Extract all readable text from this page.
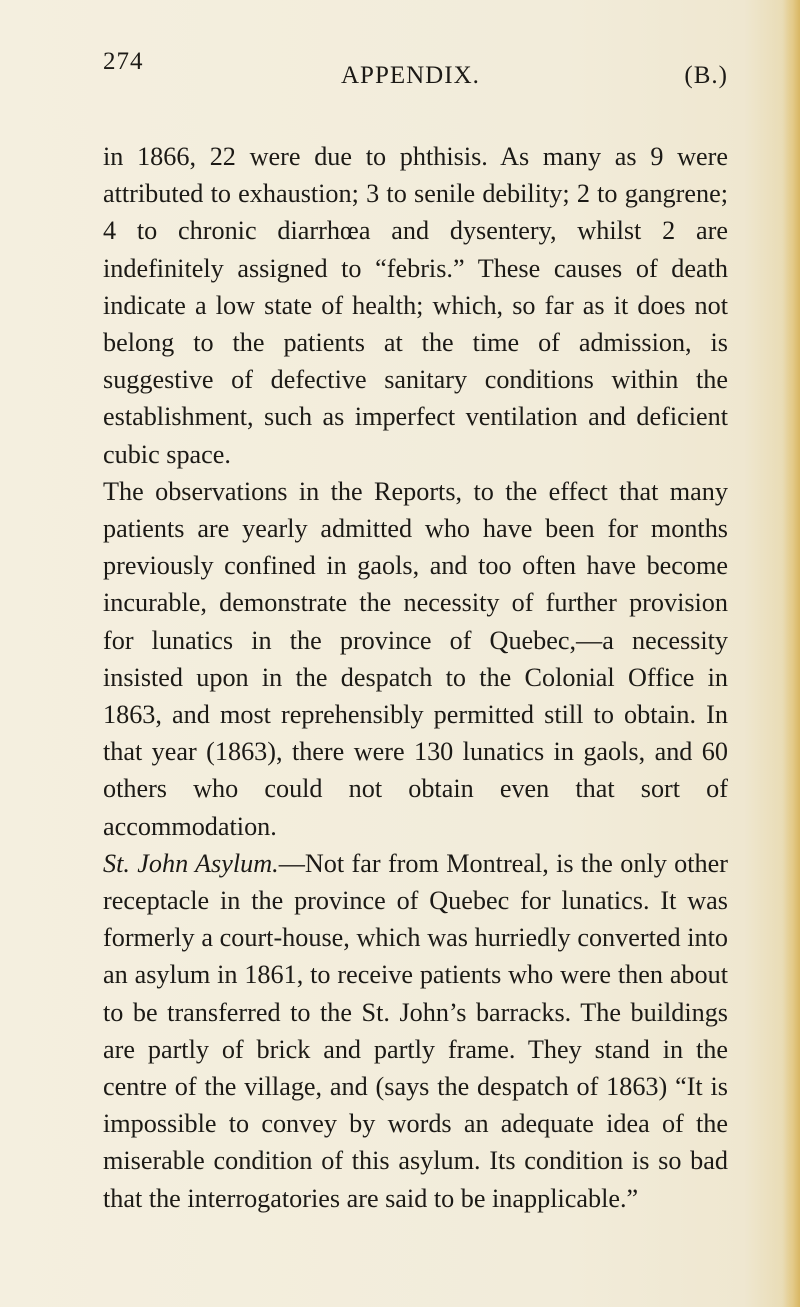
274
APPENDIX.	(B.)

in 1866, 22 were due to phthisis. As many as 9 were attributed to exhaustion; 3 to senile debility; 2 to gangrene; 4 to chronic diarrhœa and dysentery, whilst 2 are indefinitely assigned to “febris.” These causes of death indicate a low state of health; which, so far as it does not belong to the patients at the time of admission, is suggestive of defective sanitary conditions within the establishment, such as imperfect ventilation and deficient cubic space.

The observations in the Reports, to the effect that many patients are yearly admitted who have been for months previously confined in gaols, and too often have become incurable, demonstrate the necessity of further provision for lunatics in the province of Quebec,—a necessity insisted upon in the despatch to the Colonial Office in 1863, and most reprehensibly permitted still to obtain. In that year (1863), there were 130 lunatics in gaols, and 60 others who could not obtain even that sort of accommodation.

St. John Asylum.—Not far from Montreal, is the only other receptacle in the province of Quebec for lunatics. It was formerly a court-house, which was hurriedly converted into an asylum in 1861, to receive patients who were then about to be transferred to the St. John’s barracks. The buildings are partly of brick and partly frame. They stand in the centre of the village, and (says the despatch of 1863) “It is impossible to convey by words an adequate idea of the miserable condition of this asylum. Its condition is so bad that the interrogatories are said to be inapplicable.”
